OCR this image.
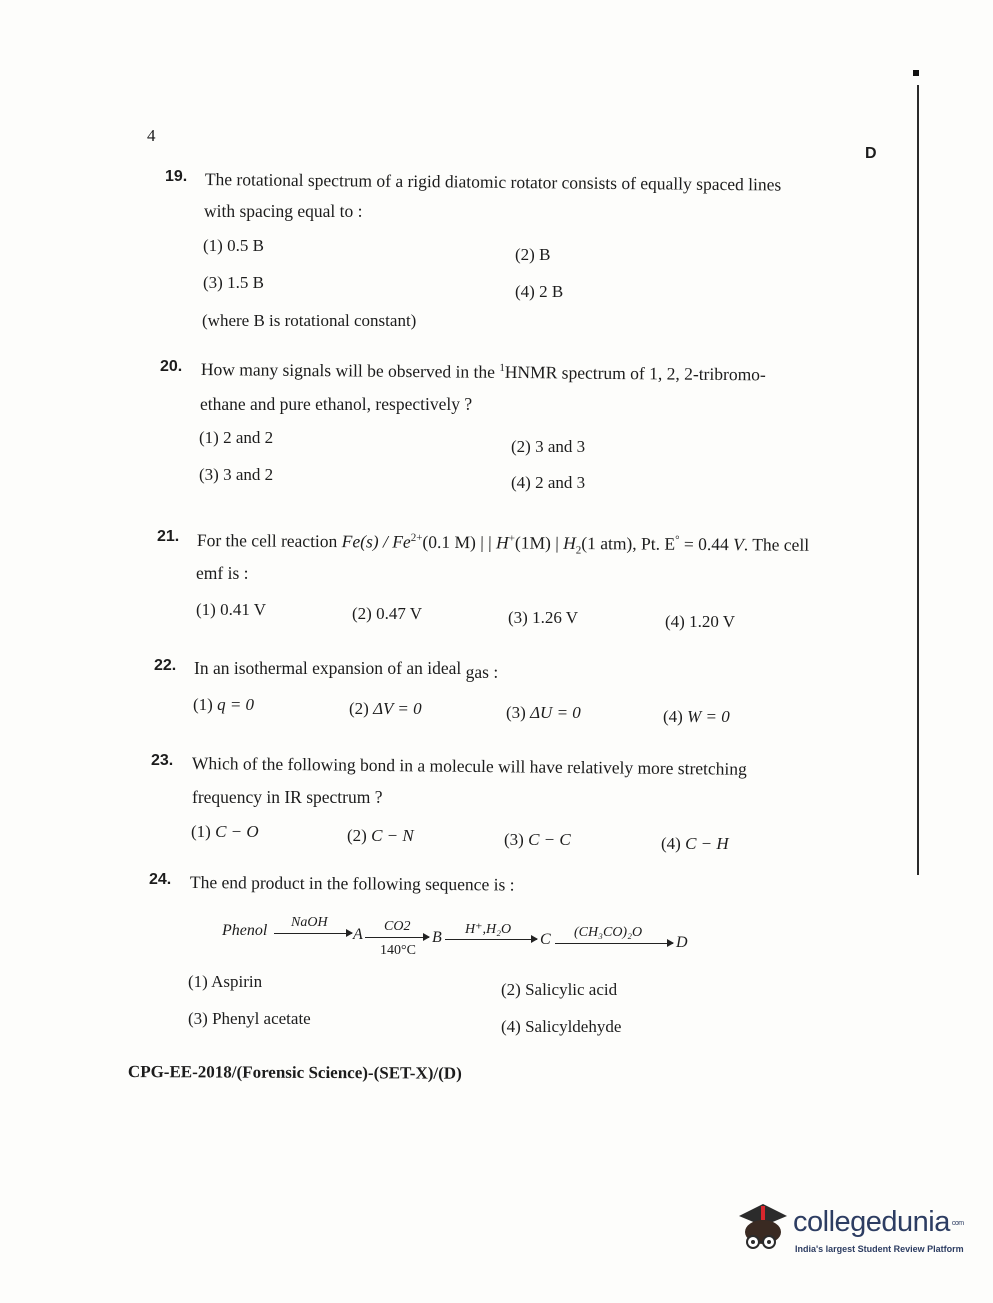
4
D
19. The rotational spectrum of a rigid diatomic rotator consists of equally spaced lines
with spacing equal to :
(1) 0.5 B	(2) B
(3) 1.5 B	(4) 2 B
(where B is rotational constant)
20. How many signals will be observed in the $^1$HNMR spectrum of 1, 2, 2-tribromo-
ethane and pure ethanol, respectively ?
(1) 2 and 2	(2) 3 and 3
(3) 3 and 2	(4) 2 and 3
21. For the cell reaction $Fe(s) / Fe^{2+}(0.1$ M) | | H+(1M) | $H_2(1$ atm), Pt. E° = 0.44 V. The cell
emf is :
(1) 0.41 V	(2) 0.47 V	(3) 1.26 V	(4) 1.20 V
22. In an isothermal expansion of an ideal gas :
(1) q = 0	(2) ΔV = 0	(3) ΔU = 0	(4) W = 0
23. Which of the following bond in a molecule will have relatively more stretching
frequency in IR spectrum ?
(1) C − O	(2) C − N	(3) C − C	(4) C − H
24. The end product in the following sequence is :
Phenol NaOH
A CO2
140°C
B H⁺,H₂O
C (CH₃CO)₂O
D
(1) Aspirin	(2) Salicylic acid
(3) Phenyl acetate	(4) Salicyldehyde
CPG-EE-2018/(Forensic Science)-(SET-X)/(D)
collegedunia com
India's largest Student Review Platform
